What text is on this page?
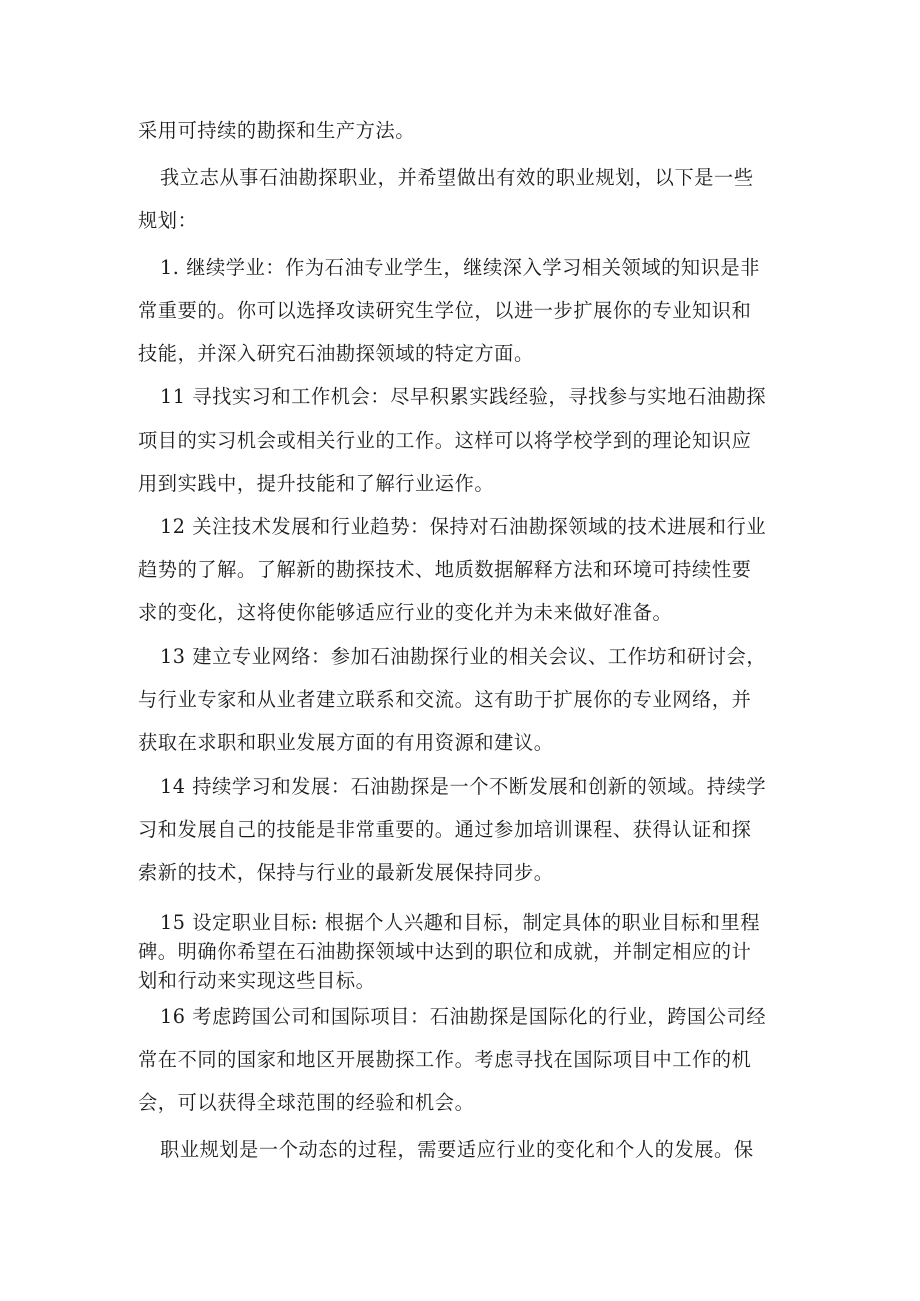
采用可持续的勘探和生产方法。
我立志从事石油勘探职业，并希望做出有效的职业规划，以下是一些
规划：
1. 继续学业：作为石油专业学生，继续深入学习相关领域的知识是非
常重要的。你可以选择攻读研究生学位，以进一步扩展你的专业知识和
技能，并深入研究石油勘探领域的特定方面。
11 寻找实习和工作机会：尽早积累实践经验，寻找参与实地石油勘探
项目的实习机会或相关行业的工作。这样可以将学校学到的理论知识应
用到实践中，提升技能和了解行业运作。
12 关注技术发展和行业趋势：保持对石油勘探领域的技术进展和行业
趋势的了解。了解新的勘探技术、地质数据解释方法和环境可持续性要
求的变化，这将使你能够适应行业的变化并为未来做好准备。
13 建立专业网络：参加石油勘探行业的相关会议、工作坊和研讨会，
与行业专家和从业者建立联系和交流。这有助于扩展你的专业网络，并
获取在求职和职业发展方面的有用资源和建议。
14 持续学习和发展：石油勘探是一个不断发展和创新的领域。持续学
习和发展自己的技能是非常重要的。通过参加培训课程、获得认证和探
索新的技术，保持与行业的最新发展保持同步。
15 设定职业目标: 根据个人兴趣和目标，制定具体的职业目标和里程
碑。明确你希望在石油勘探领域中达到的职位和成就，并制定相应的计
划和行动来实现这些目标。
16 考虑跨国公司和国际项目：石油勘探是国际化的行业，跨国公司经
常在不同的国家和地区开展勘探工作。考虑寻找在国际项目中工作的机
会，可以获得全球范围的经验和机会。
职业规划是一个动态的过程，需要适应行业的变化和个人的发展。保
